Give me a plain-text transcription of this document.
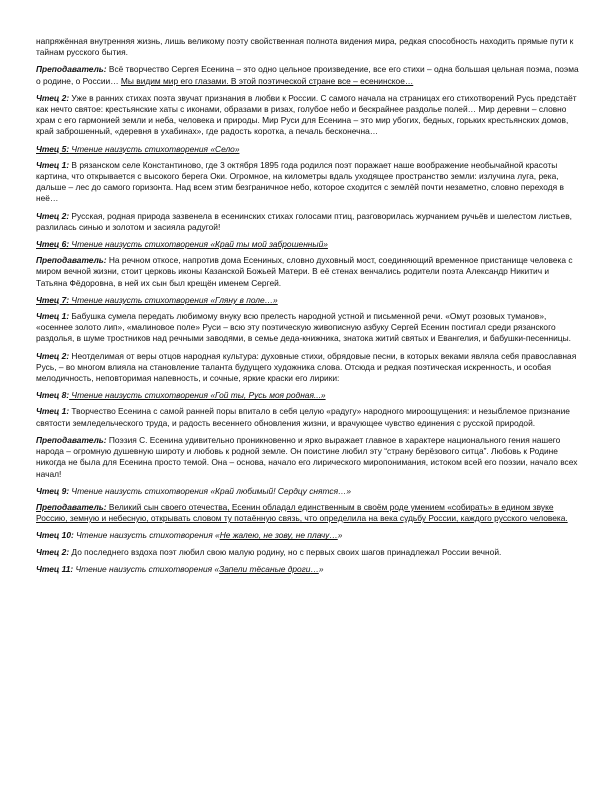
напряжённая внутренняя жизнь, лишь великому поэту свойственная полнота видения мира, редкая способность находить прямые пути к тайнам русского бытия.

Преподаватель: Всё творчество Сергея Есенина – это одно цельное произведение, все его стихи – одна большая цельная поэма, поэма о родине, о России… Мы видим мир его глазами. В этой поэтической стране все – есенинское…

Чтец 2: Уже в ранних стихах поэта звучат признания в любви к России. С самого начала на страницах его стихотворений Русь предстаёт как нечто святое: крестьянские хаты с иконами, образами в ризах, голубое небо и бескрайнее раздолье полей… Мир деревни – словно храм с его гармонией земли и неба, человека и природы. Мир Руси для Есенина – это мир убогих, бедных, горьких крестьянских домов, край заброшенный, «деревня в ухабинах», где радость коротка, а печаль бесконечна…

Чтец 5: Чтение наизусть стихотворения «Село»

Чтец 1: В рязанском селе Константиново, где 3 октября 1895 года родился поэт поражает наше воображение необычайной красоты картина, что открывается с высокого берега Оки. Огромное, на километры вдаль уходящее пространство земли: излучина луга, река, дальше – лес до самого горизонта. Над всем этим безграничное небо, которое сходится с землёй почти незаметно, словно переходя в неё…

Чтец 2: Русская, родная природа зазвенела в есенинских стихах голосами птиц, разговорилась журчанием ручьёв и шелестом листьев, разлилась синью и золотом и засияла радугой!

Чтец 6: Чтение наизусть стихотворения «Край ты мой заброшенный»

Преподаватель: На речном откосе, напротив дома Есениных, словно духовный мост, соединяющий временное пристанище человека с миром вечной жизни, стоит церковь иконы Казанской Божьей Матери. В её стенах венчались родители поэта Александр Никитич и Татьяна Фёдоровна, в ней их сын был крещён именем Сергей.

Чтец 7: Чтение наизусть стихотворения «Гляну в поле…»

Чтец 1: Бабушка сумела передать любимому внуку всю прелесть народной устной и письменной речи. «Омут розовых туманов», «осеннее золото лип», «малиновое поле» Руси – всю эту поэтическую живописную азбуку Сергей Есенин постигал среди рязанского раздолья, в шуме тростников над речными заводями, в семье деда-книжника, знатока житий святых и Евангелия, и бабушки-песенницы.

Чтец 2: Неотделимая от веры отцов народная культура: духовные стихи, обрядовые песни, в которых веками являла себя православная Русь, – во многом влияла на становление таланта будущего художника слова. Отсюда и редкая поэтическая искренность, и особая мелодичность, неповторимая напевность, и сочные, яркие краски его лирики:

Чтец 8: Чтение наизусть стихотворения «Гой ты, Русь моя родная...»

Чтец 1: Творчество Есенина с самой ранней поры впитало в себя целую «радугу» народного мироощущения: и незыблемое признание святости земледельческого труда, и радость весеннего обновления жизни, и врачующее чувство единения с русской природой.

Преподаватель: Поэзия С. Есенина удивительно проникновенно и ярко выражает главное в характере национального гения нашего народа – огромную душевную широту и любовь к родной земле. Он поистине любил эту “страну берёзового ситца”. Любовь к Родине никогда не была для Есенина просто темой. Она – основа, начало его лирического миропонимания, истоком всей его поэзии, начало всех начал!

Чтец 9: Чтение наизусть стихотворения «Край любимый! Сердцу снятся…»

Преподаватель: Великий сын своего отечества, Есенин обладал единственным в своём роде умением «собирать» в едином звуке Россию, земную и небесную, открывать словом ту потаённую связь, что определила на века судьбу России, каждого русского человека.

Чтец 10: Чтение наизусть стихотворения «Не жалею, не зову, не плачу…»

Чтец 2: До последнего вздоха поэт любил свою малую родину, но с первых своих шагов принадлежал России вечной.

Чтец 11: Чтение наизусть стихотворения «Запели тёсаные дроги…»
